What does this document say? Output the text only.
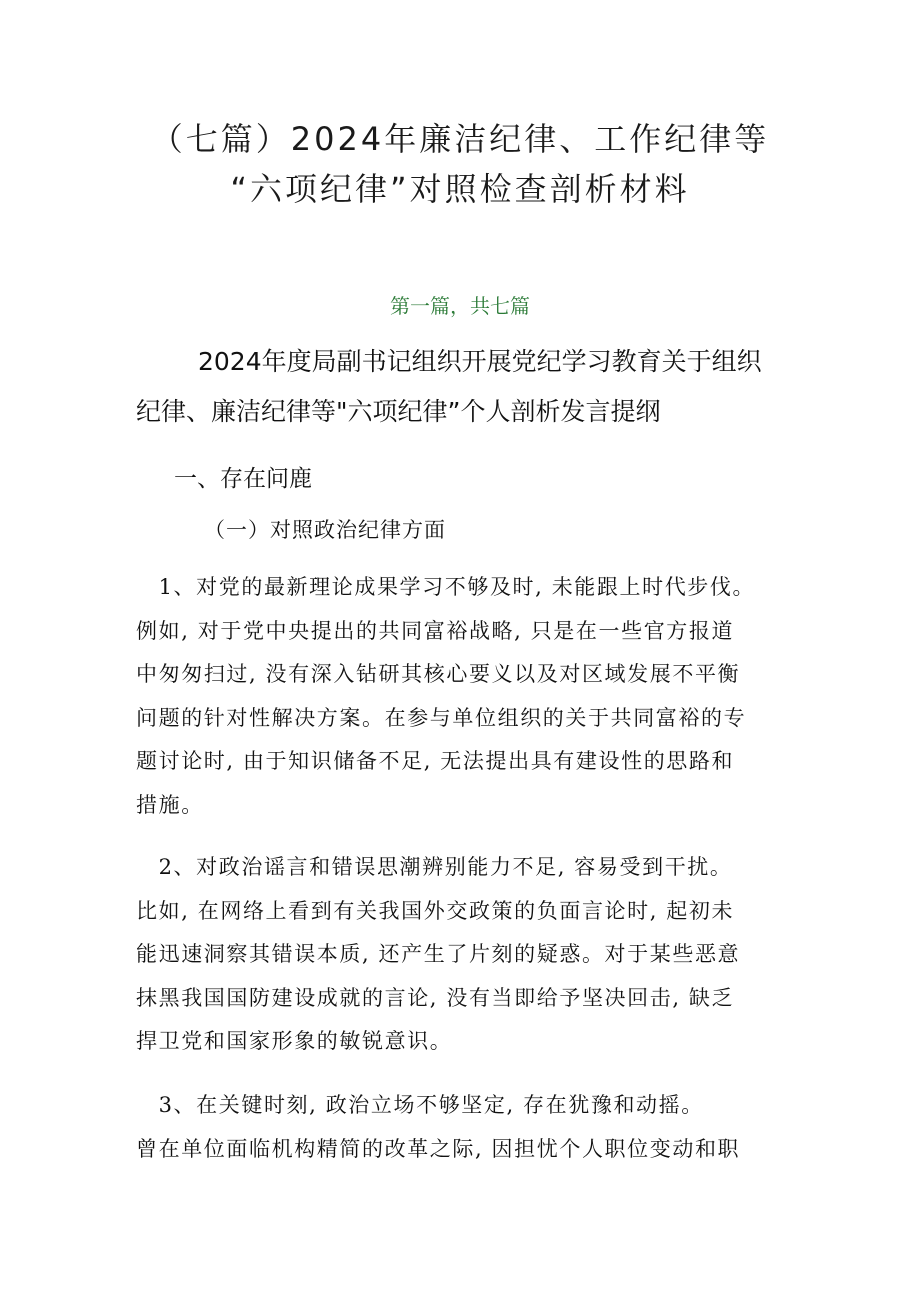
（七篇）2024年廉洁纪律、工作纪律等
“六项纪律”对照检查剖析材料
第一篇，共七篇
2024年度局副书记组织开展党纪学习教育关于组织
纪律、廉洁纪律等"六项纪律”个人剖析发言提纲
一、存在问鹿
（一）对照政治纪律方面
　1、对党的最新理论成果学习不够及时, 未能跟上时代步伐。
例如, 对于党中央提出的共同富裕战略, 只是在一些官方报道
中匆匆扫过, 没有深入钻研其核心要义以及对区域发展不平衡
问题的针对性解决方案。在参与单位组织的关于共同富裕的专
题讨论时, 由于知识储备不足, 无法提出具有建设性的思路和
措施。
　2、对政治谣言和错误思潮辨别能力不足, 容易受到干扰。
比如, 在网络上看到有关我国外交政策的负面言论时, 起初未
能迅速洞察其错误本质, 还产生了片刻的疑惑。对于某些恶意
抹黑我国国防建设成就的言论, 没有当即给予坚决回击, 缺乏
捍卫党和国家形象的敏锐意识。
　3、在关键时刻, 政治立场不够坚定, 存在犹豫和动摇。
曾在单位面临机构精简的改革之际, 因担忧个人职位变动和职
